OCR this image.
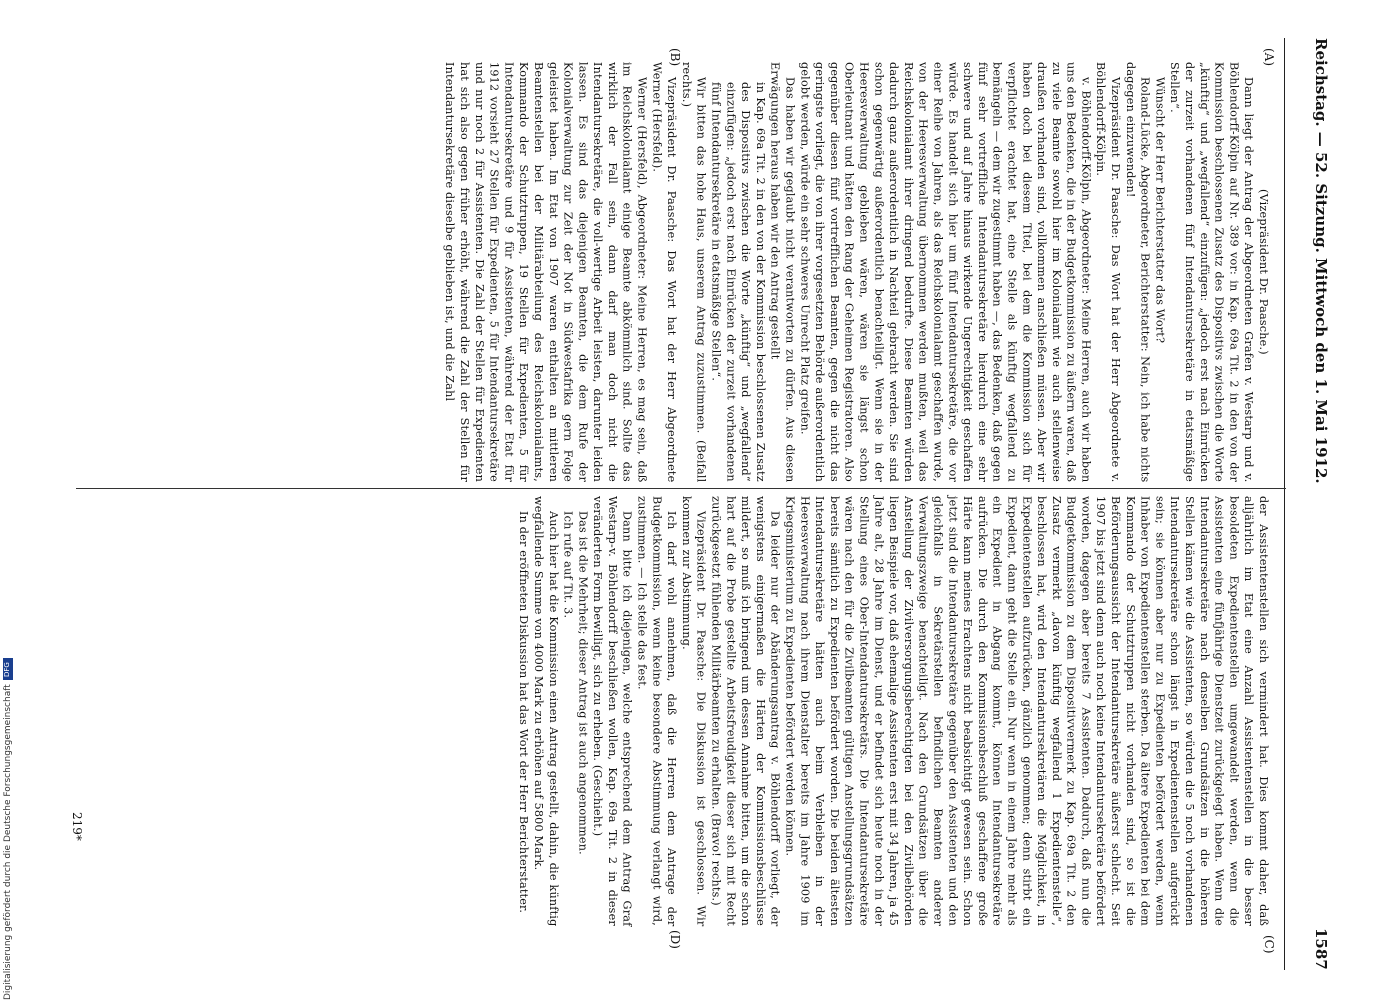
Reichstag. — 52. Sitzung. Mittwoch den 1. Mai 1912.
1587
(A)
(B)
(C)
(D)

(Vizepräsident Dr. Paasche.)

Dann liegt der Antrag der Abgeordneten Grafen v. Westarp und v. Böhlendorff-Kölpin auf Nr. 389 vor: in Kap. 69a Tit. 2 in den von der Kommission beschlossenen Zusatz des Dispositivs zwischen die Worte „künftig“ und „wegfallend“ einzufügen: „jedoch erst nach Einrücken der zurzeit vorhandenen fünf Intendantursekretäre in etatsmäßige Stellen“.

Wünscht der Herr Berichterstatter das Wort?

Roland-Lücke, Abgeordneter, Berichterstatter: Nein, ich habe nichts dagegen einzuwenden!

Vizepräsident Dr. Paasche: Das Wort hat der Herr Abgeordnete v. Böhlendorff-Kölpin.

v. Böhlendorff-Kölpin, Abgeordneter: Meine Herren, auch wir haben uns den Bedenken, die in der Budgetkommission zu äußern waren, daß zu viele Beamte sowohl hier im Kolonialamt wie auch stellenweise draußen vorhanden sind, vollkommen anschließen müssen. Aber wir haben doch bei diesem Titel, bei dem die Kommission sich für verpflichtet erachtet hat, eine Stelle als künftig wegfallend zu bemängeln — dem wir zugestimmt haben —, das Bedenken, daß gegen fünf sehr vortreffliche Intendantursekretäre hierdurch eine sehr schwere und auf Jahre hinaus wirkende Ungerechtigkeit geschaffen würde. Es handelt sich hier um fünf Intendantursekretäre, die vor einer Reihe von Jahren, als das Reichskolonialamt geschaffen wurde, von der Heeresverwaltung übernommen werden mußten, weil das Reichskolonialamt ihrer dringend bedurfte. Diese Beamten würden dadurch ganz außerordentlich in Nachteil gebracht werden. Sie sind schon gegenwärtig außerordentlich benachteiligt. Wenn sie in der Heeresverwaltung geblieben wären, wären sie längst schon Oberleutnant und hätten den Rang der Geheimen Registratoren. Also gegenüber diesen fünf vortrefflichen Beamten, gegen die nicht das geringste vorliegt, die von ihrer vorgesetzten Behörde außerordentlich gelobt werden, würde ein sehr schweres Unrecht Platz greifen.

Das haben wir geglaubt nicht verantworten zu dürfen. Aus diesen Erwägungen heraus haben wir den Antrag gestellt

in Kap. 69a Tit. 2 in den von der Kommission beschlossenen Zusatz des Dispositivs zwischen die Worte „künftig“ und „wegfallend“ einzufügen: „jedoch erst nach Einrücken der zurzeit vorhandenen fünf Intendantursekretäre in etatsmäßige Stellen“.

Wir bitten das hohe Haus, unserem Antrag zuzustimmen. (Beifall rechts.)

Vizepräsident Dr. Paasche: Das Wort hat der Herr Abgeordnete Werner (Hersfeld).

Werner (Hersfeld), Abgeordneter: Meine Herren, es mag sein, daß im Reichskolonialamt einige Beamte abkömmlich sind. Sollte das wirklich der Fall sein, dann darf man doch nicht die Intendantursekretäre, die voll-wertige Arbeit leisten, darunter leiden lassen. Es sind das diejenigen Beamten, die dem Rufe der Kolonialverwaltung zur Zeit der Not in Südwestafrika gern Folge geleistet haben. Im Etat von 1907 waren enthalten an mittleren Beamtenstellen bei der Militärabteilung des Reichskolonialamts, Kommando der Schutztruppen, 19 Stellen für Expedienten, 5 für Intendantursekretäre und 9 für Assistenten, während der Etat für 1912 vorsieht 27 Stellen für Expedienten, 5 für Intendantursekretäre und nur noch 2 für Assistenten. Die Zahl der Stellen für Expedienten hat sich also gegen früher erhöht, während die Zahl der Stellen für Intendantursekretäre dieselbe geblieben ist, und die Zahl

der Assistentenstellen sich vermindert hat. Dies kommt daher, daß alljährlich im Etat eine Anzahl Assistentenstellen in die besser besoldeten Expedientenstellen umgewandelt werden, wenn die Assistenten eine fünfjährige Dienstzeit zurückgelegt haben. Wenn die Intendantursekretäre nach denselben Grundsätzen in die höheren Stellen kämen wie die Assistenten, so würden die 5 noch vorhandenen Intendantursekretäre schon längst in Expedientenstellen aufgerückt sein; sie können aber nur zu Expedienten befördert werden, wenn Inhaber von Expedientenstellen sterben. Da ältere Expedienten bei dem Kommando der Schutztruppen nicht vorhanden sind, so ist die Beförderungsaussicht der Intendantursekretäre äußerst schlecht. Seit 1907 bis jetzt sind denn auch noch keine Intendantursekretäre befördert worden, dagegen aber bereits 7 Assistenten. Dadurch, daß nun die Budgetkommission zu dem Dispositivvermerk zu Kap. 69a Tit. 2 den Zusatz vermerkt „davon künftig wegfallend 1 Expedientenstelle“, beschlossen hat, wird den Intendantursekretären die Möglichkeit, in Expedientenstellen aufzurücken, gänzlich genommen; denn stirbt ein Expedient, dann geht die Stelle ein. Nur wenn in einem Jahre mehr als ein Expedient in Abgang kommt, können Intendantursekretäre aufrücken. Die durch den Kommissionsbeschluß geschaffene große Härte kann meines Erachtens nicht beabsichtigt gewesen sein. Schon jetzt sind die Intendantursekretäre gegenüber den Assistenten und den gleichfalls in Sekretärstellen befindlichen Beamten anderer Verwaltungszweige benachteiligt. Nach den Grundsätzen über die Anstellung der Zivilversorgungsberechtigten bei den Zivilbehörden liegen Beispiele vor, daß ehemalige Assistenten erst mit 34 Jahren, ja 45 Jahre alt, 28 Jahre im Dienst, und er befindet sich heute noch in der Stellung eines Ober-Intendantursekretärs. Die Intendantursekretäre wären nach den für die Zivilbeamten gültigen Anstellungsgrundsätzen bereits sämtlich zu Expedienten befördert worden. Die beiden ältesten Intendantursekretäre hätten auch beim Verbleiben in der Heeresverwaltung nach ihrem Dienstalter bereits im Jahre 1909 im Kriegsministerium zu Expedienten befördert werden können.

Da leider nur der Abänderungsantrag v. Böhlendorff vorliegt, der wenigstens einigermaßen die Härten der Kommissionsbeschlüsse mildert, so muß ich bringend um dessen Annahme bitten, um die schon hart auf die Probe gestellte Arbeitsfreudigkeit dieser sich mit Recht zurückgesetzt fühlenden Militärbeamten zu erhalten. (Bravo! rechts.)

Vizepräsident Dr. Paasche: Die Diskussion ist geschlossen. Wir kommen zur Abstimmung.

Ich darf wohl annehmen, daß die Herren dem Antrage der Budgetkommission, wenn keine besondere Abstimmung verlangt wird, zustimmen. — Ich stelle das fest.

Dann bitte ich diejenigen, welche entsprechend dem Antrag Graf Westarp-v. Böhlendorff beschließen wollen, Kap. 69a Tit. 2 in dieser veränderten Form bewilligt, sich zu erheben. (Geschieht.)

Das ist die Mehrheit; dieser Antrag ist auch angenommen.

Ich rufe auf Tit. 3.

Auch hier hat die Kommission einen Antrag gestellt, dahin, die künftig wegfallende Summe von 4000 Mark zu erhöhen auf 5800 Mark.

In der eröffneten Diskussion hat das Wort der Herr Berichterstatter.

219*
Digitalisierung gefördert durch die Deutsche Forschungsgemeinschaft
DFG
